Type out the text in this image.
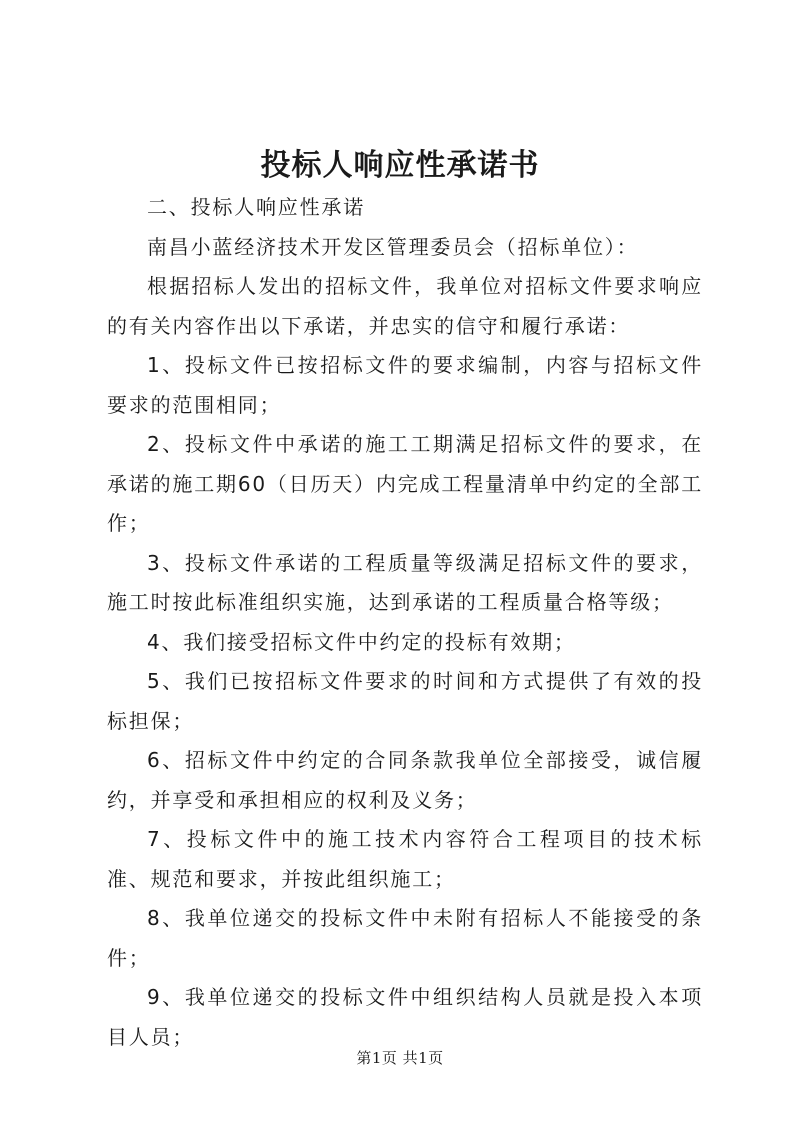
投标人响应性承诺书

二、投标人响应性承诺

南昌小蓝经济技术开发区管理委员会（招标单位）：

根据招标人发出的招标文件，我单位对招标文件要求响应的有关内容作出以下承诺，并忠实的信守和履行承诺：

1、投标文件已按招标文件的要求编制，内容与招标文件要求的范围相同；

2、投标文件中承诺的施工工期满足招标文件的要求，在承诺的施工期60（日历天）内完成工程量清单中约定的全部工作；

3、投标文件承诺的工程质量等级满足招标文件的要求，施工时按此标准组织实施，达到承诺的工程质量合格等级；

4、我们接受招标文件中约定的投标有效期；

5、我们已按招标文件要求的时间和方式提供了有效的投标担保；

6、招标文件中约定的合同条款我单位全部接受，诚信履约，并享受和承担相应的权利及义务；

7、投标文件中的施工技术内容符合工程项目的技术标准、规范和要求，并按此组织施工；

8、我单位递交的投标文件中未附有招标人不能接受的条件；

9、我单位递交的投标文件中组织结构人员就是投入本项目人员；

第1页 共1页
